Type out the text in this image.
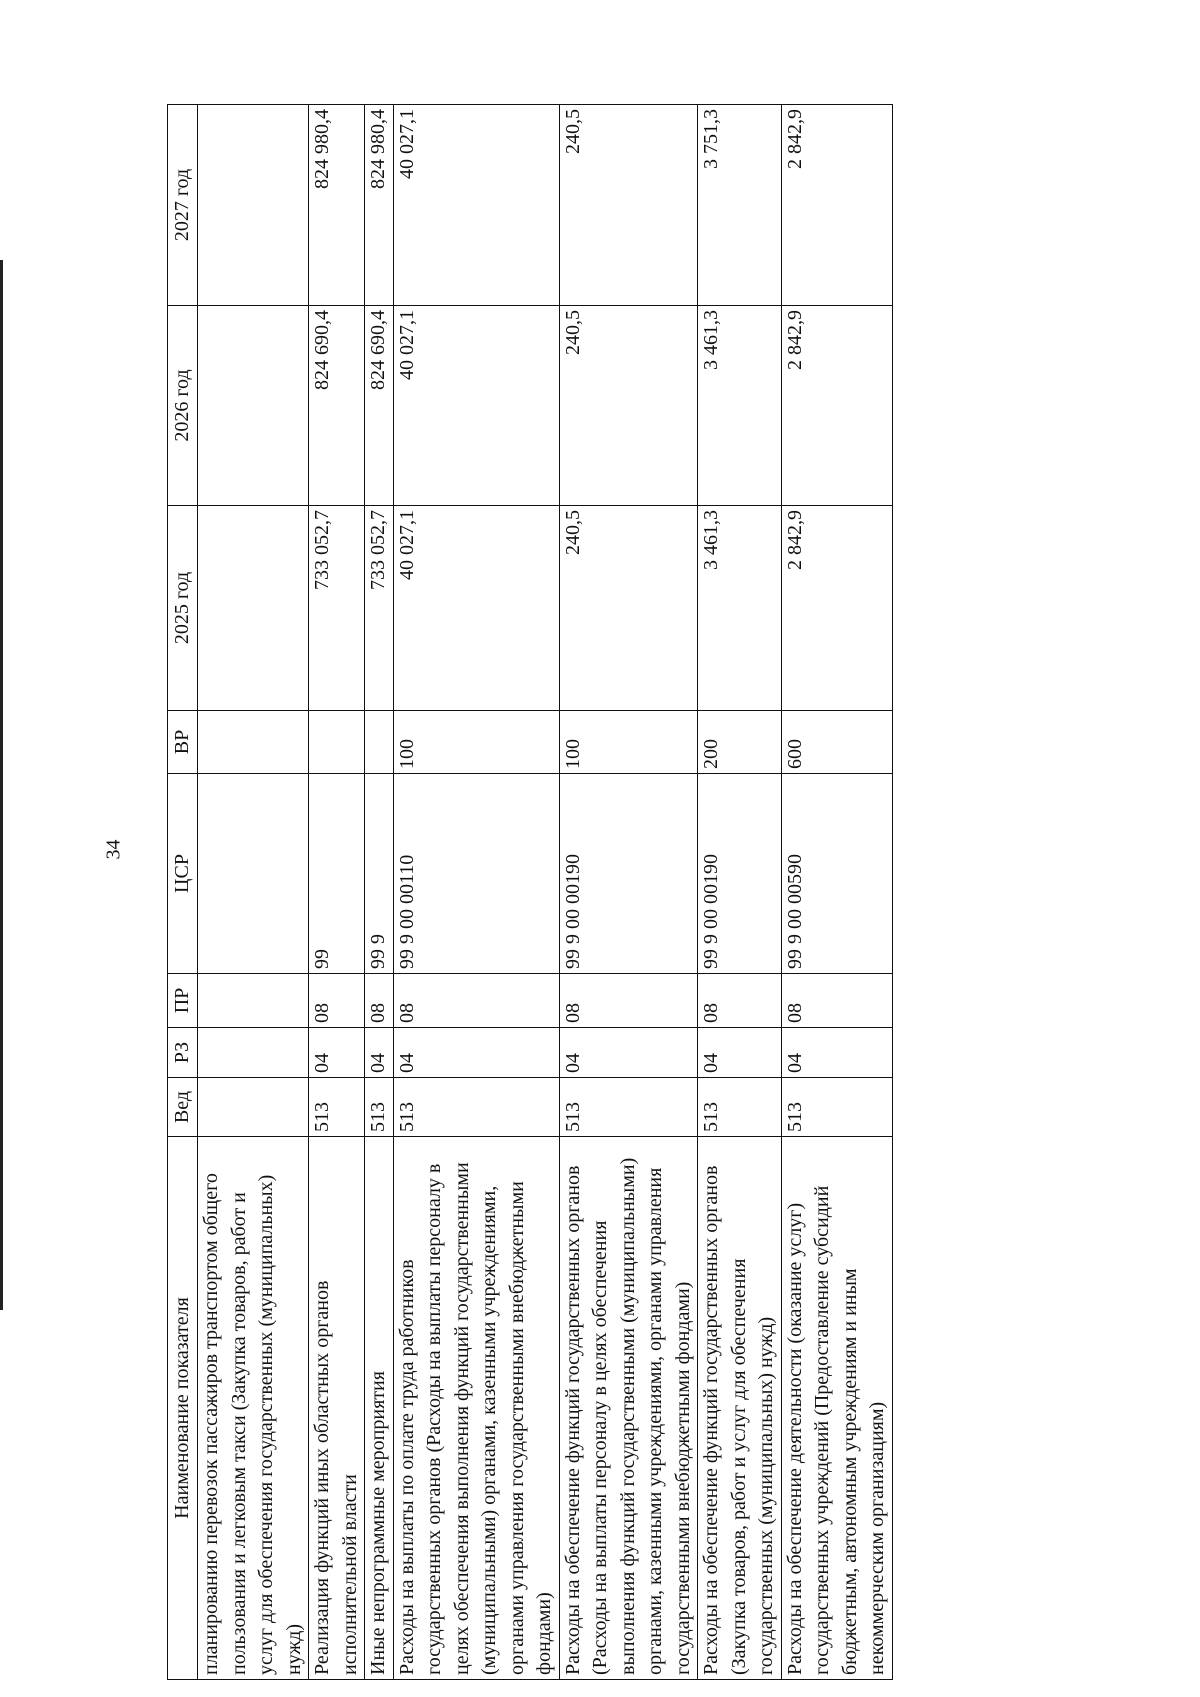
34
Наименование показателя	Вед	РЗ	ПР	ЦСР	ВР	2025 год	2026 год	2027 год
планированию перевозок пассажиров транспортом общего пользования и легковым такси (Закупка товаров, работ и услуг для обеспечения государственных (муниципальных) нужд)								
Реализация функций иных областных органов исполнительной власти	513	04	08	99		733 052,7	824 690,4	824 980,4
Иные непрограммные мероприятия	513	04	08	99 9		733 052,7	824 690,4	824 980,4
Расходы на выплаты по оплате труда работников государственных органов (Расходы на выплаты персоналу в целях обеспечения выполнения функций государственными (муниципальными) органами, казенными учреждениями, органами управления государственными внебюджетными фондами)	513	04	08	99 9 00 00110	100	40 027,1	40 027,1	40 027,1
Расходы на обеспечение функций государственных органов (Расходы на выплаты персоналу в целях обеспечения выполнения функций государственными (муниципальными) органами, казенными учреждениями, органами управления государственными внебюджетными фондами)	513	04	08	99 9 00 00190	100	240,5	240,5	240,5
Расходы на обеспечение функций государственных органов (Закупка товаров, работ и услуг для обеспечения государственных (муниципальных) нужд)	513	04	08	99 9 00 00190	200	3 461,3	3 461,3	3 751,3
Расходы на обеспечение деятельности (оказание услуг) государственных учреждений (Предоставление субсидий бюджетным, автономным учреждениям и иным некоммерческим организациям)	513	04	08	99 9 00 00590	600	2 842,9	2 842,9	2 842,9
